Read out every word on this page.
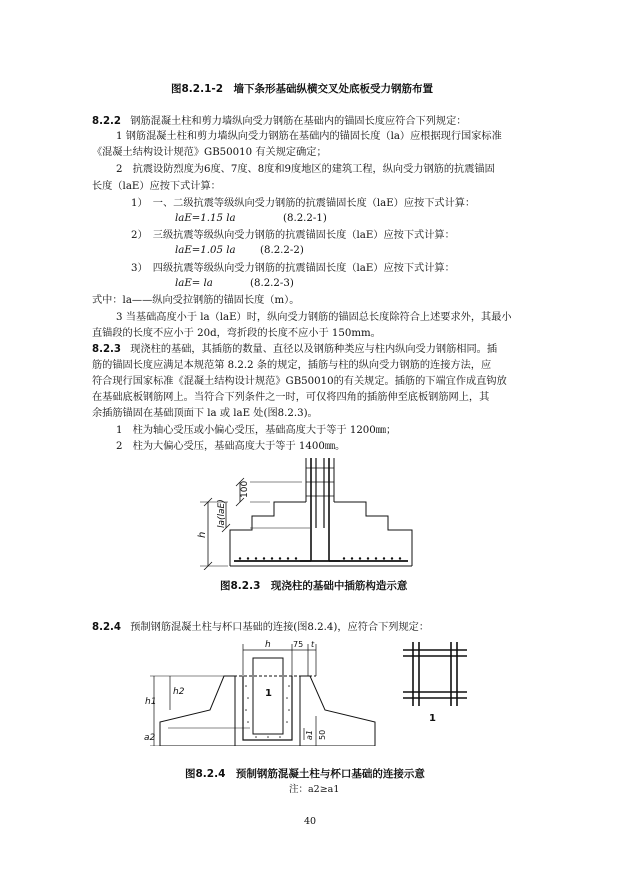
图8.2.1-2　墙下条形基础纵横交叉处底板受力钢筋布置
8.2.2 钢筋混凝土柱和剪力墙纵向受力钢筋在基础内的锚固长度应符合下列规定：
1 钢筋混凝土柱和剪力墙纵向受力钢筋在基础内的锚固长度（la）应根据现行国家标准
《混凝土结构设计规范》GB50010 有关规定确定；
2　抗震设防烈度为6度、7度、8度和9度地区的建筑工程，纵向受力钢筋的抗震锚固
长度（laE）应按下式计算：
1）　一、二级抗震等级纵向受力钢筋的抗震锚固长度（laE）应按下式计算：
laE=1.15 la	(8.2.2-1)
2）　三级抗震等级纵向受力钢筋的抗震锚固长度（laE）应按下式计算：
laE=1.05 la (8.2.2-2)
3）　四级抗震等级纵向受力钢筋的抗震锚固长度（laE）应按下式计算：
laE= la	(8.2.2-3)
式中：la——纵向受拉钢筋的锚固长度（m）。
3 当基础高度小于 la（laE）时，纵向受力钢筋的锚固总长度除符合上述要求外，其最小
直锚段的长度不应小于 20d，弯折段的长度不应小于 150mm。
8.2.3 现浇柱的基础，其插筋的数量、直径以及钢筋种类应与柱内纵向受力钢筋相同。插
筋的锚固长度应满足本规范第 8.2.2 条的规定，插筋与柱的纵向受力钢筋的连接方法，应
符合现行国家标准《混凝土结构设计规范》GB50010的有关规定。插筋的下端宜作成直钩放
在基础底板钢筋网上。当符合下列条件之一时，可仅将四角的插筋伸至底板钢筋网上，其
余插筋锚固在基础顶面下 la 或 laE 处(图8.2.3)。
1　柱为轴心受压或小偏心受压，基础高度大于等于 1200㎜；
2　柱为大偏心受压，基础高度大于等于 1400㎜。
100
la(laE)
h
图8.2.3　现浇柱的基础中插筋构造示意
8.2.4 预制钢筋混凝土柱与杯口基础的连接(图8.2.4)，应符合下列规定：
h	75 t
h1
h2
a2	a1 50
1
1
图8.2.4　预制钢筋混凝土柱与杯口基础的连接示意
注：a2≥a1
40
